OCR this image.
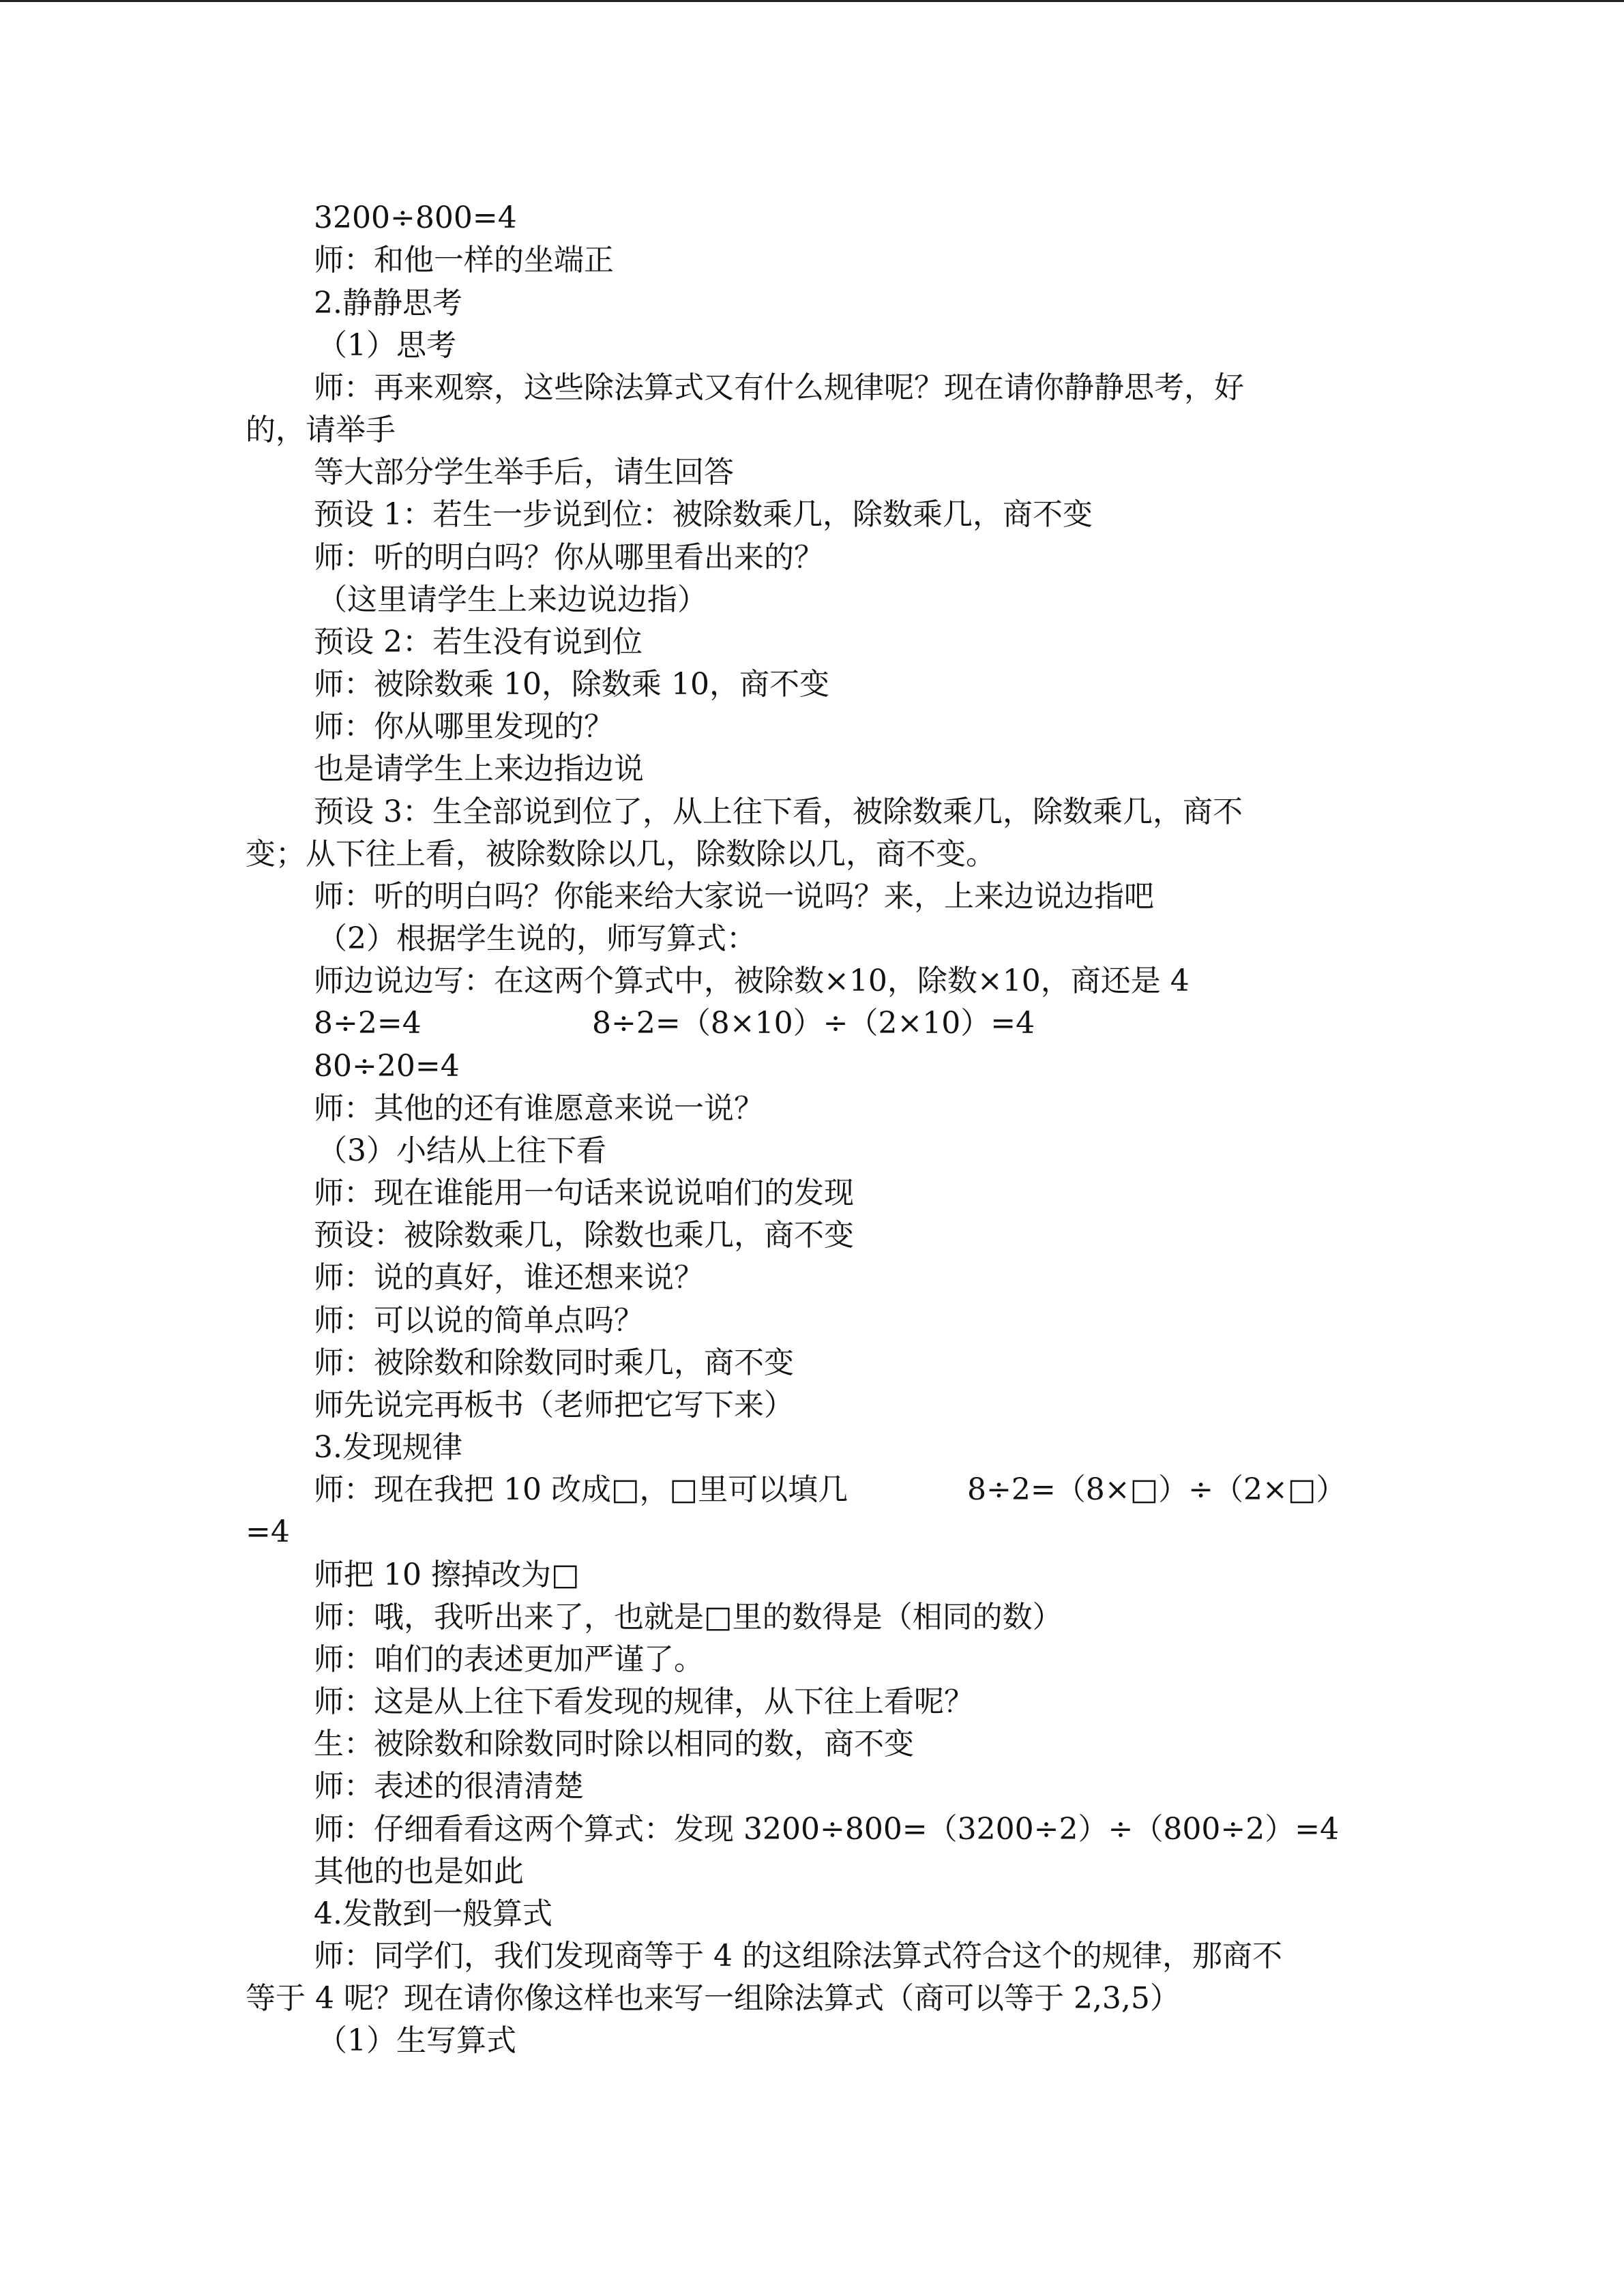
3200÷800=4
师：和他一样的坐端正
2.静静思考
（1）思考
师：再来观察，这些除法算式又有什么规律呢？现在请你静静思考，好
的，请举手
等大部分学生举手后，请生回答
预设 1：若生一步说到位：被除数乘几，除数乘几，商不变
师：听的明白吗？你从哪里看出来的？
（这里请学生上来边说边指）
预设 2：若生没有说到位
师：被除数乘 10，除数乘 10，商不变
师：你从哪里发现的？
也是请学生上来边指边说
预设 3：生全部说到位了，从上往下看，被除数乘几，除数乘几，商不
变；从下往上看，被除数除以几，除数除以几，商不变。
师：听的明白吗？你能来给大家说一说吗？来，上来边说边指吧
（2）根据学生说的，师写算式：
师边说边写：在这两个算式中，被除数×10，除数×10，商还是 4
8÷2=4	8÷2=（8×10）÷（2×10）=4
80÷20=4
师：其他的还有谁愿意来说一说？
（3）小结从上往下看
师：现在谁能用一句话来说说咱们的发现
预设：被除数乘几，除数也乘几，商不变
师：说的真好，谁还想来说？
师：可以说的简单点吗？
师：被除数和除数同时乘几，商不变
师先说完再板书（老师把它写下来）
3.发现规律
师：现在我把 10 改成□，□里可以填几	8÷2=（8×□）÷（2×□）
=4
师把 10 擦掉改为□
师：哦，我听出来了，也就是□里的数得是（相同的数）
师：咱们的表述更加严谨了。
师：这是从上往下看发现的规律，从下往上看呢？
生：被除数和除数同时除以相同的数，商不变
师：表述的很清清楚
师：仔细看看这两个算式：发现 3200÷800=（3200÷2）÷（800÷2）=4
其他的也是如此
4.发散到一般算式
师：同学们，我们发现商等于 4 的这组除法算式符合这个的规律，那商不
等于 4 呢？现在请你像这样也来写一组除法算式（商可以等于 2,3,5）
（1）生写算式
